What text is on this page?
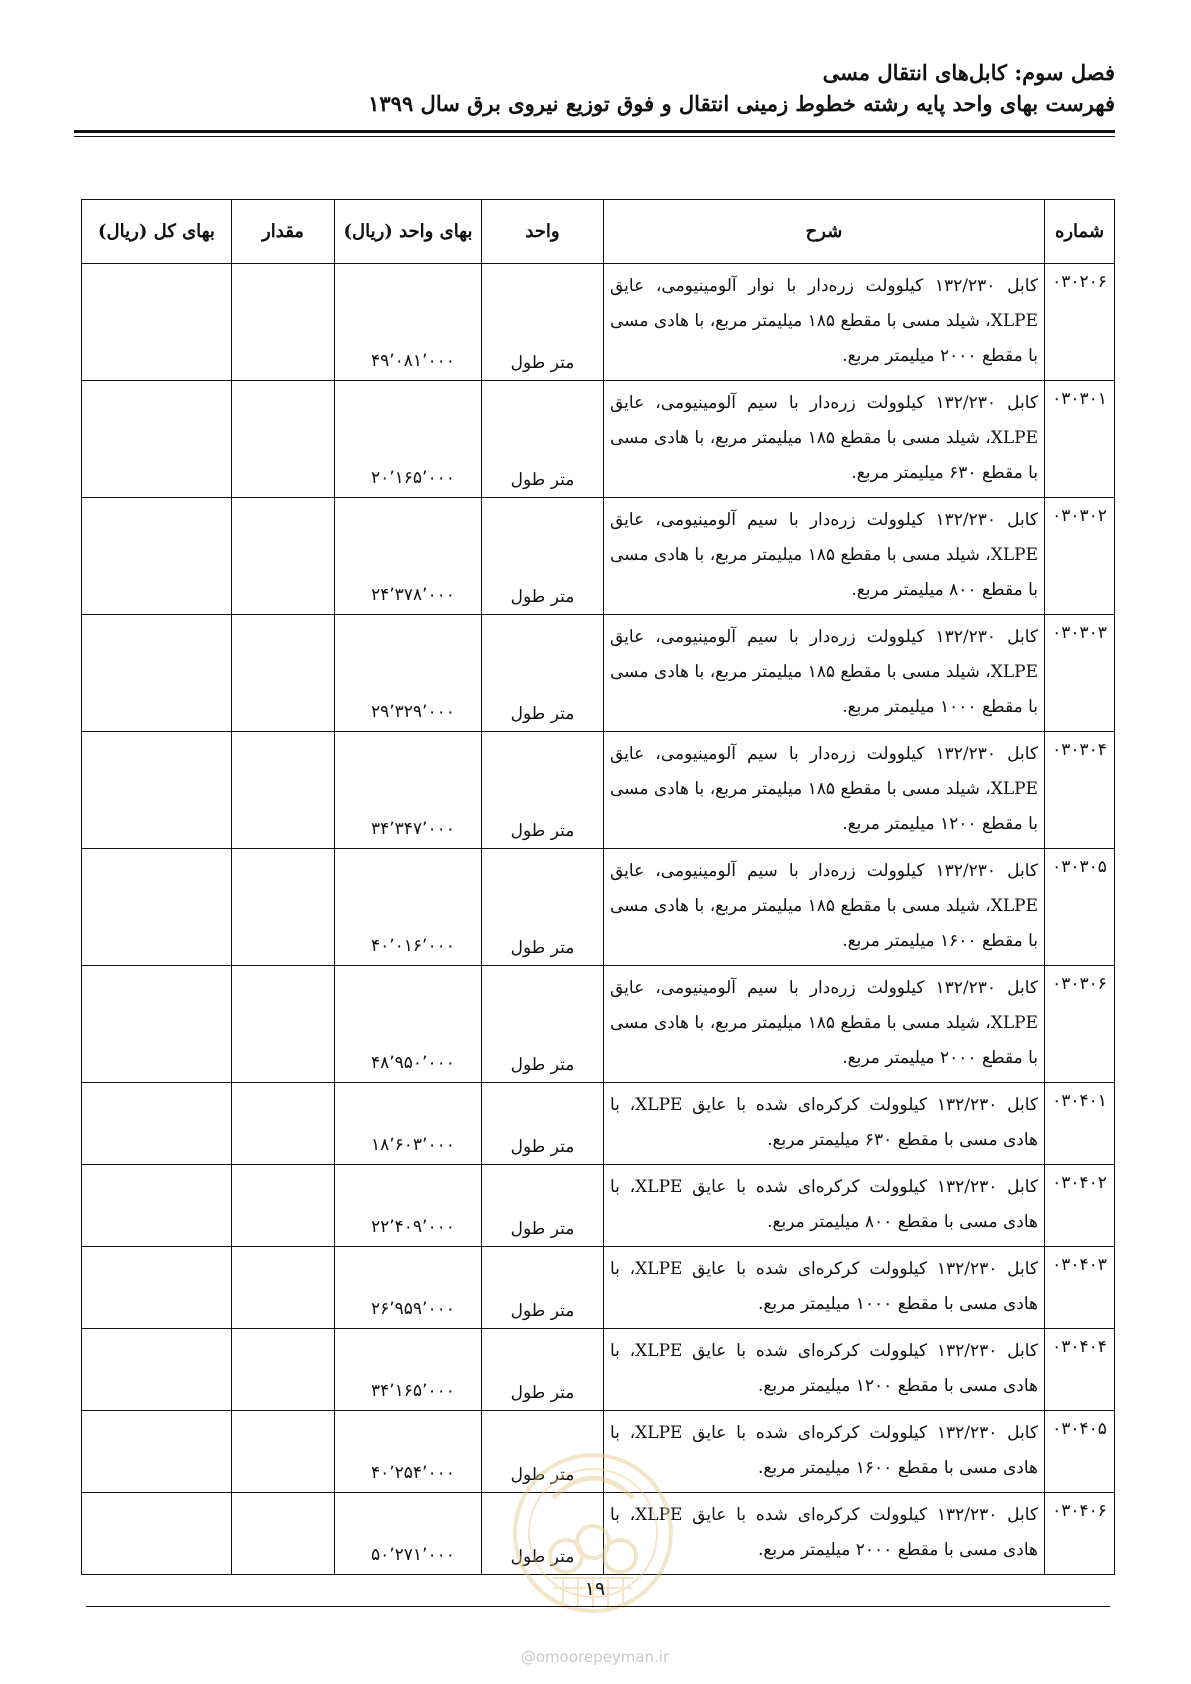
فصل سوم: کابل‌های انتقال مسی
فهرست بهای واحد پایه رشته خطوط زمینی انتقال و فوق توزیع نیروی برق سال ۱۳۹۹
شماره	شرح	واحد	بهای واحد (ریال)	مقدار	بهای کل (ریال)
۰۳۰۲۰۶	کابل ۱۳۲/۲۳۰ کیلوولت زره‌دار با نوار آلومینیومی، عایق XLPE، شیلد مسی با مقطع ۱۸۵ میلیمتر مربع، با هادی مسی با مقطع ۲۰۰۰ میلیمتر مربع.	متر طول	۴۹٬۰۸۱٬۰۰۰		
۰۳۰۳۰۱	کابل ۱۳۲/۲۳۰ کیلوولت زره‌دار با سیم آلومینیومی، عایق XLPE، شیلد مسی با مقطع ۱۸۵ میلیمتر مربع، با هادی مسی با مقطع ۶۳۰ میلیمتر مربع.	متر طول	۲۰٬۱۶۵٬۰۰۰		
۰۳۰۳۰۲	کابل ۱۳۲/۲۳۰ کیلوولت زره‌دار با سیم آلومینیومی، عایق XLPE، شیلد مسی با مقطع ۱۸۵ میلیمتر مربع، با هادی مسی با مقطع ۸۰۰ میلیمتر مربع.	متر طول	۲۴٬۳۷۸٬۰۰۰		
۰۳۰۳۰۳	کابل ۱۳۲/۲۳۰ کیلوولت زره‌دار با سیم آلومینیومی، عایق XLPE، شیلد مسی با مقطع ۱۸۵ میلیمتر مربع، با هادی مسی با مقطع ۱۰۰۰ میلیمتر مربع.	متر طول	۲۹٬۳۲۹٬۰۰۰		
۰۳۰۳۰۴	کابل ۱۳۲/۲۳۰ کیلوولت زره‌دار با سیم آلومینیومی، عایق XLPE، شیلد مسی با مقطع ۱۸۵ میلیمتر مربع، با هادی مسی با مقطع ۱۲۰۰ میلیمتر مربع.	متر طول	۳۴٬۳۴۷٬۰۰۰		
۰۳۰۳۰۵	کابل ۱۳۲/۲۳۰ کیلوولت زره‌دار با سیم آلومینیومی، عایق XLPE، شیلد مسی با مقطع ۱۸۵ میلیمتر مربع، با هادی مسی با مقطع ۱۶۰۰ میلیمتر مربع.	متر طول	۴۰٬۰۱۶٬۰۰۰		
۰۳۰۳۰۶	کابل ۱۳۲/۲۳۰ کیلوولت زره‌دار با سیم آلومینیومی، عایق XLPE، شیلد مسی با مقطع ۱۸۵ میلیمتر مربع، با هادی مسی با مقطع ۲۰۰۰ میلیمتر مربع.	متر طول	۴۸٬۹۵۰٬۰۰۰		
۰۳۰۴۰۱	کابل ۱۳۲/۲۳۰ کیلوولت کرکره‌ای شده با عایق XLPE، با هادی مسی با مقطع ۶۳۰ میلیمتر مربع.	متر طول	۱۸٬۶۰۳٬۰۰۰		
۰۳۰۴۰۲	کابل ۱۳۲/۲۳۰ کیلوولت کرکره‌ای شده با عایق XLPE، با هادی مسی با مقطع ۸۰۰ میلیمتر مربع.	متر طول	۲۲٬۴۰۹٬۰۰۰		
۰۳۰۴۰۳	کابل ۱۳۲/۲۳۰ کیلوولت کرکره‌ای شده با عایق XLPE، با هادی مسی با مقطع ۱۰۰۰ میلیمتر مربع.	متر طول	۲۶٬۹۵۹٬۰۰۰		
۰۳۰۴۰۴	کابل ۱۳۲/۲۳۰ کیلوولت کرکره‌ای شده با عایق XLPE، با هادی مسی با مقطع ۱۲۰۰ میلیمتر مربع.	متر طول	۳۴٬۱۶۵٬۰۰۰		
۰۳۰۴۰۵	کابل ۱۳۲/۲۳۰ کیلوولت کرکره‌ای شده با عایق XLPE، با هادی مسی با مقطع ۱۶۰۰ میلیمتر مربع.	متر طول	۴۰٬۲۵۴٬۰۰۰		
۰۳۰۴۰۶	کابل ۱۳۲/۲۳۰ کیلوولت کرکره‌ای شده با عایق XLPE، با هادی مسی با مقطع ۲۰۰۰ میلیمتر مربع.	متر طول	۵۰٬۲۷۱٬۰۰۰		
۱۹
@omoorepeyman.ir
